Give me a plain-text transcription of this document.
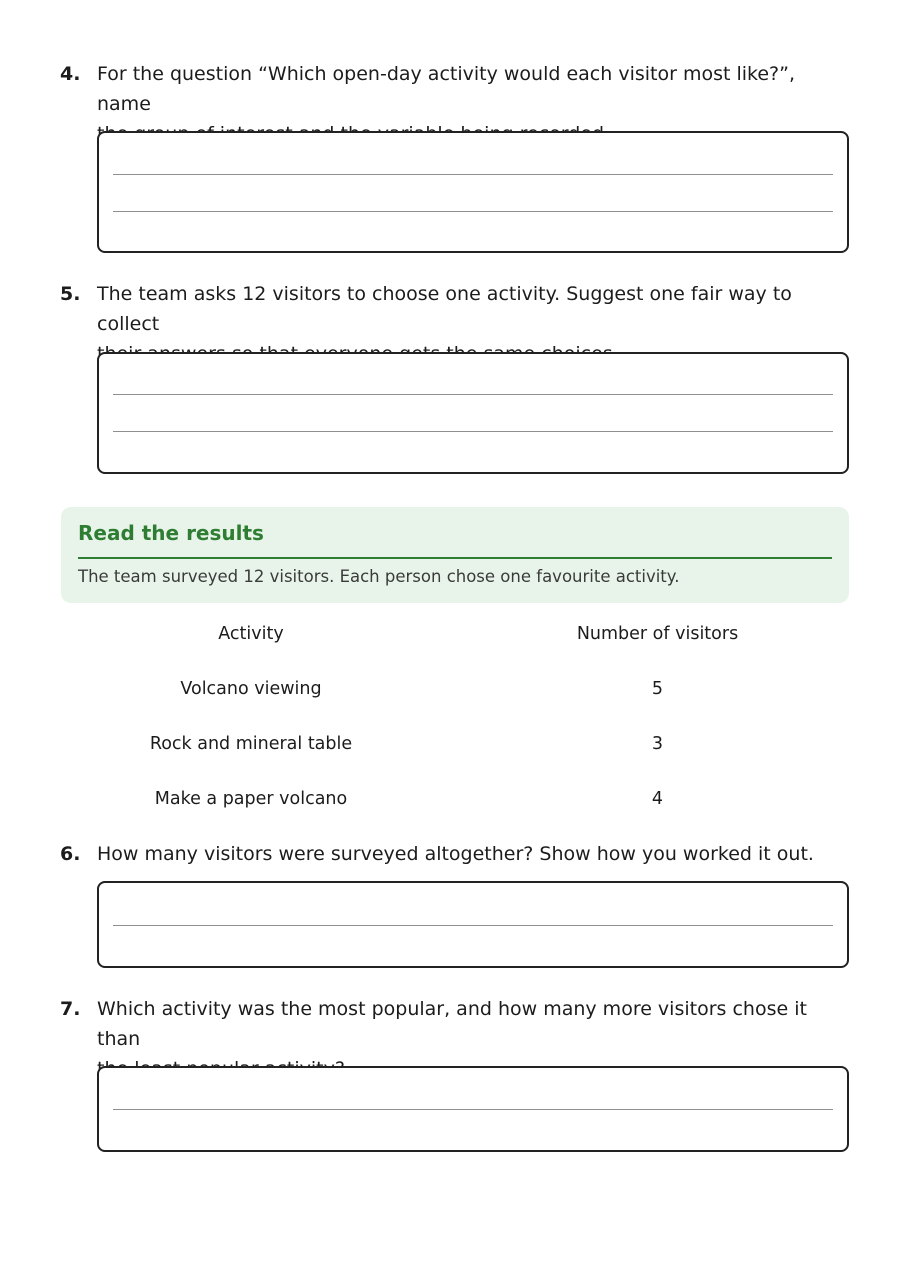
4. For the question “Which open-day activity would each visitor most like?”, name
5. The team asks 12 visitors to choose one activity. Suggest one fair way to collect
Read the results
The team surveyed 12 visitors. Each person chose one favourite activity.
Activity	Number of visitors
Volcano viewing	5
Rock and mineral table	3
Make a paper volcano	4
6. How many visitors were surveyed altogether? Show how you worked it out.
7. Which activity was the most popular, and how many more visitors chose it than
